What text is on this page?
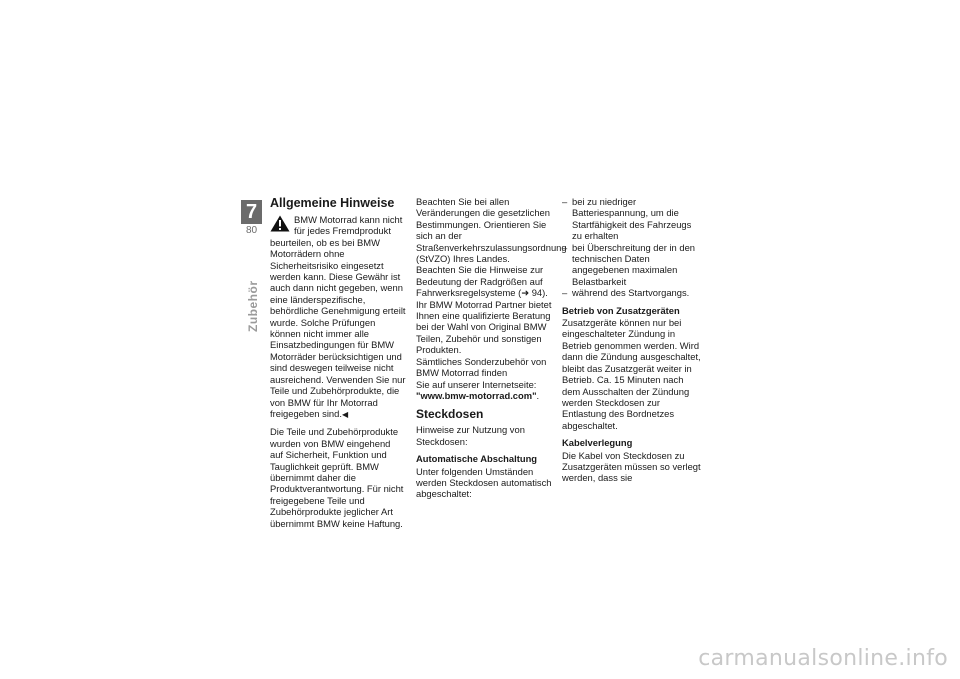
7
80
Zubehör
Allgemeine Hinweise

BMW Motorrad kann nicht für jedes Fremdprodukt beurteilen, ob es bei BMW Motorrädern ohne Sicherheitsrisiko eingesetzt werden kann. Diese Gewähr ist auch dann nicht gegeben, wenn eine länderspezifische, behördliche Genehmigung erteilt wurde. Solche Prüfungen können nicht immer alle Einsatzbedingungen für BMW Motorräder berücksichtigen und sind deswegen teilweise nicht ausreichend. Verwenden Sie nur Teile und Zubehörprodukte, die von BMW für Ihr Motorrad freigegeben sind.◀

Die Teile und Zubehörprodukte wurden von BMW eingehend auf Sicherheit, Funktion und Tauglichkeit geprüft. BMW übernimmt daher die Produktverantwortung. Für nicht freigegebene Teile und Zubehörprodukte jeglicher Art übernimmt BMW keine Haftung.

Beachten Sie bei allen Veränderungen die gesetzlichen Bestimmungen. Orientieren Sie sich an der Straßenverkehrszulassungsordnung (StVZO) Ihres Landes.

Beachten Sie die Hinweise zur Bedeutung der Radgrößen auf Fahrwerksregelsysteme (➜ 94).

Ihr BMW Motorrad Partner bietet Ihnen eine qualifizierte Beratung bei der Wahl von Original BMW Teilen, Zubehör und sonstigen Produkten.

Sämtliches Sonderzubehör von BMW Motorrad finden

Sie auf unserer Internetseite:
"www.bmw-motorrad.com".

Steckdosen

Hinweise zur Nutzung von Steckdosen:

Automatische Abschaltung

Unter folgenden Umständen werden Steckdosen automatisch abgeschaltet:

– bei zu niedriger Batteriespannung, um die Startfähigkeit des Fahrzeugs zu erhalten
– bei Überschreitung der in den technischen Daten angegebenen maximalen Belastbarkeit
– während des Startvorgangs.
Betrieb von Zusatzgeräten

Zusatzgeräte können nur bei eingeschalteter Zündung in Betrieb genommen werden. Wird dann die Zündung ausgeschaltet, bleibt das Zusatzgerät weiter in Betrieb. Ca. 15 Minuten nach dem Ausschalten der Zündung werden Steckdosen zur Entlastung des Bordnetzes abgeschaltet.

Kabelverlegung

Die Kabel von Steckdosen zu Zusatzgeräten müssen so verlegt werden, dass sie

carmanualsonline.info
